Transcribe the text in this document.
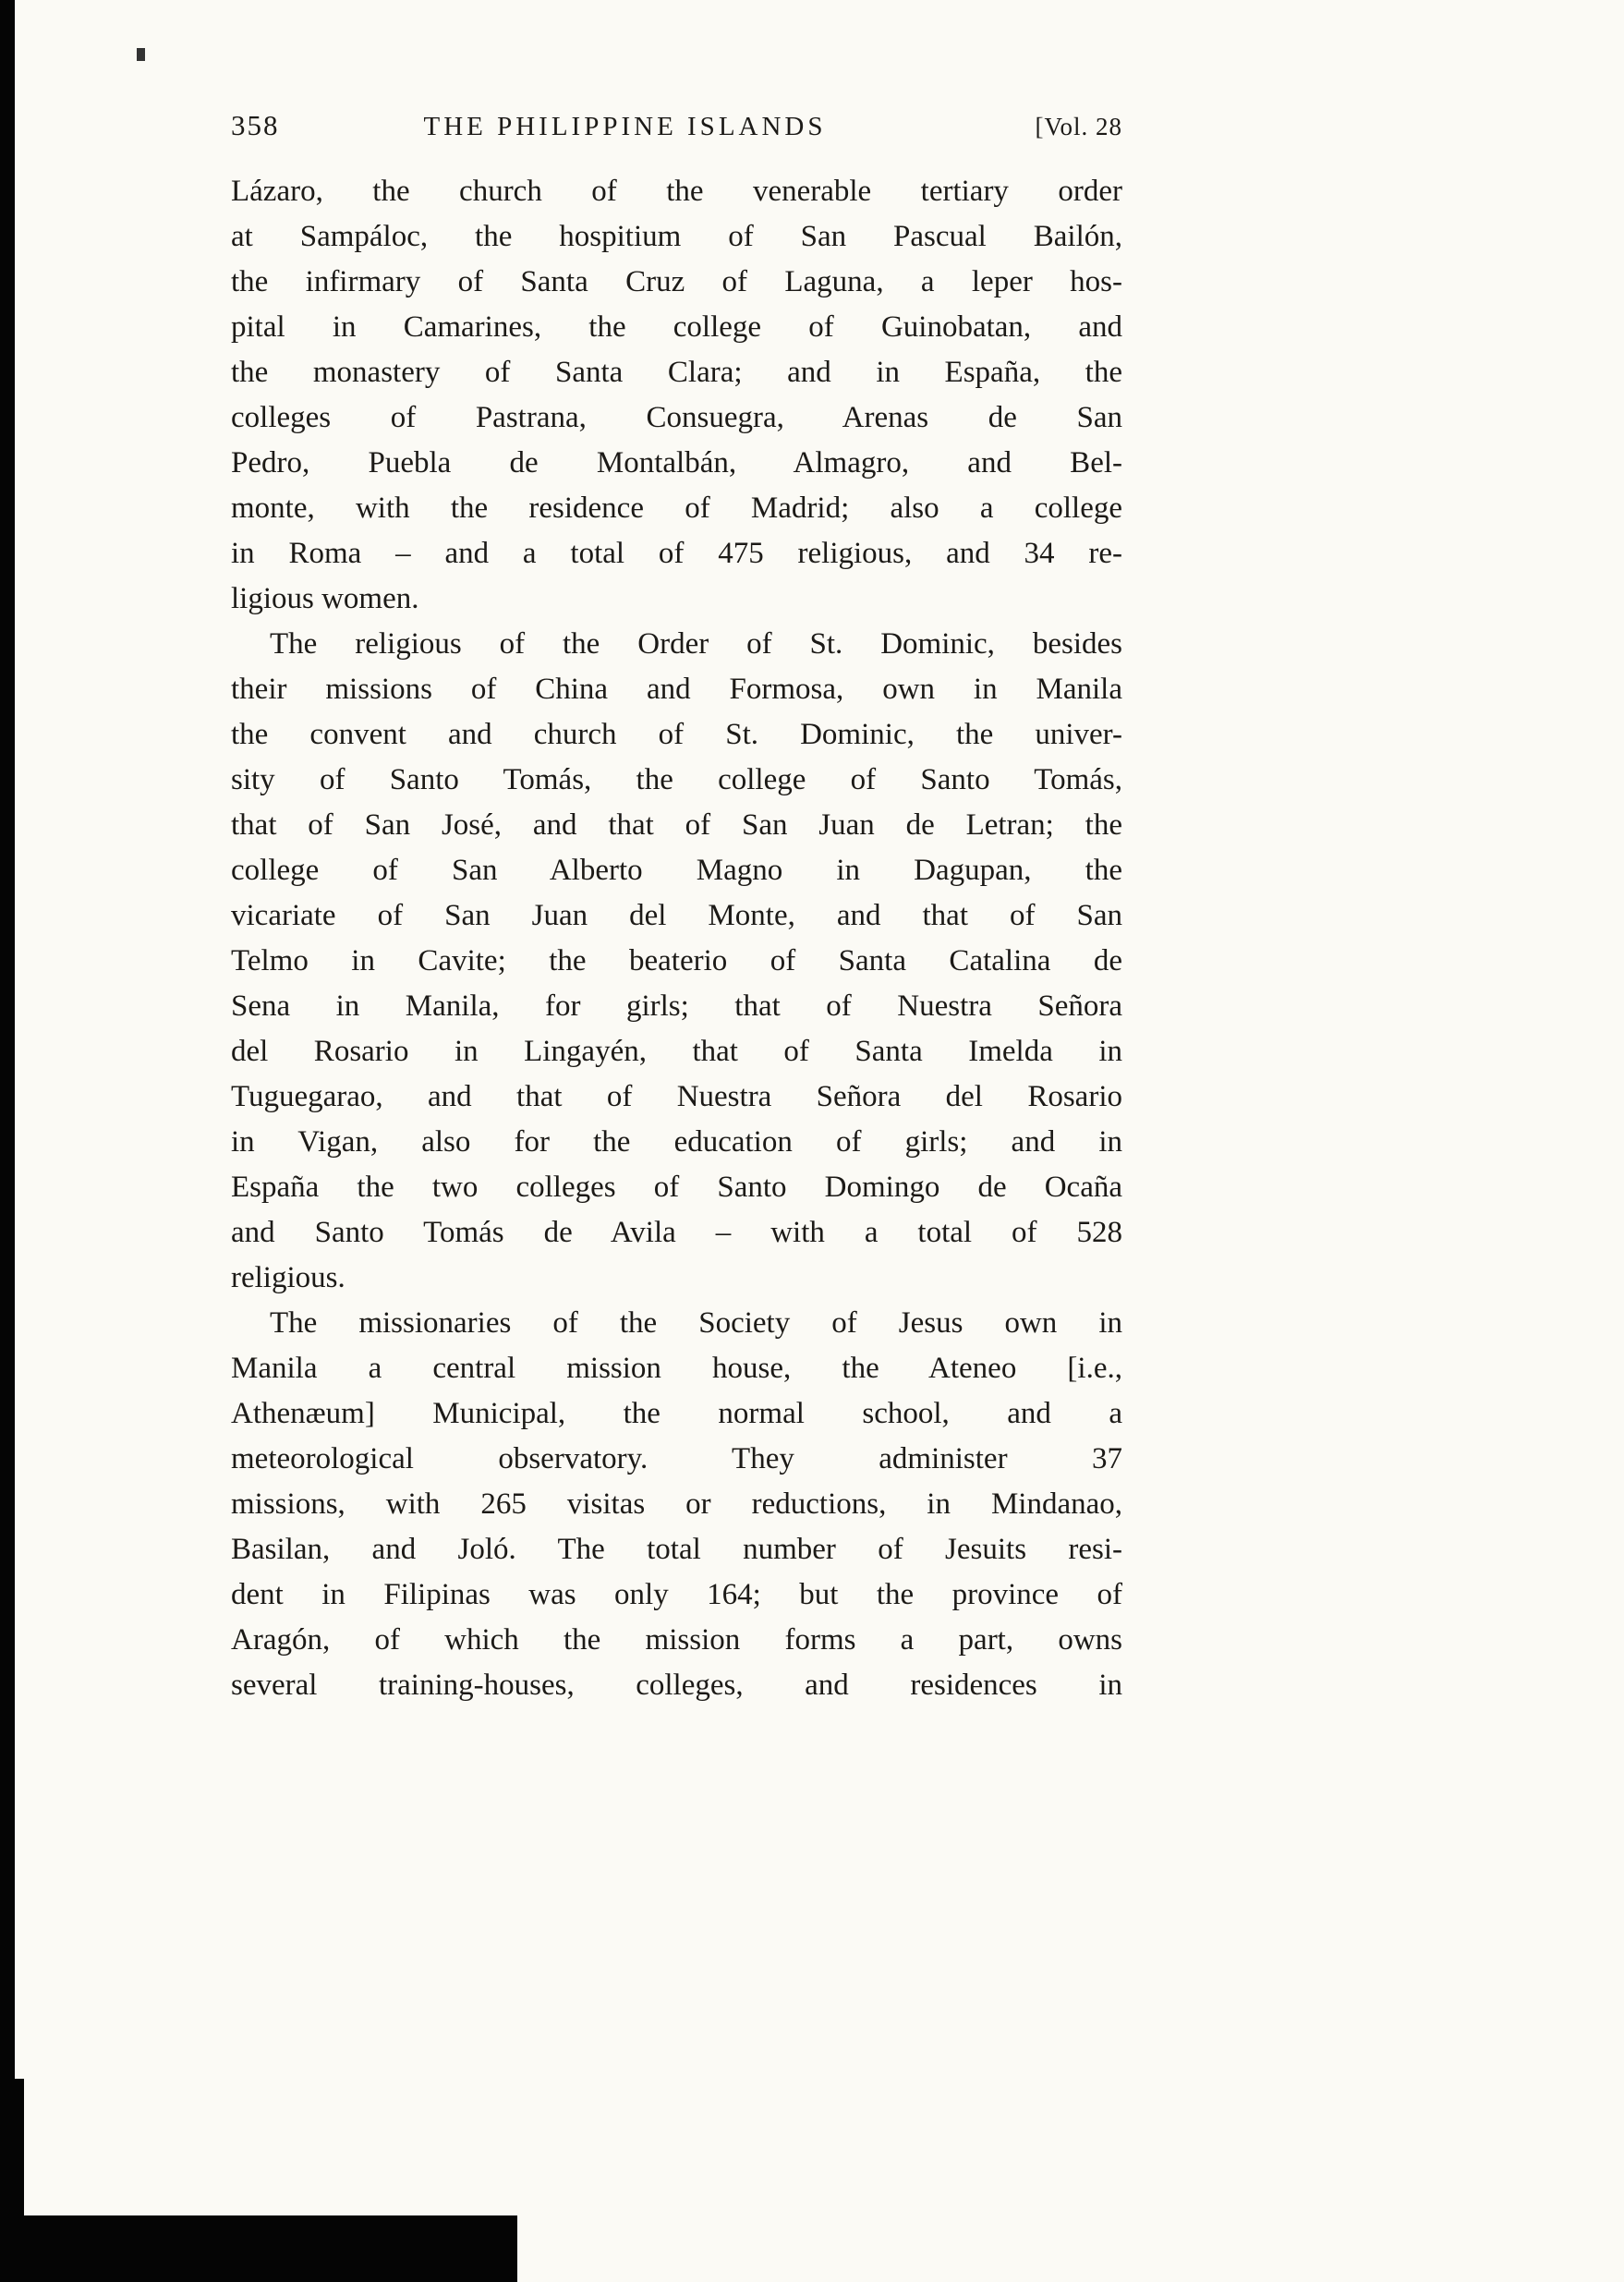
358	THE PHILIPPINE ISLANDS	[Vol. 28
Lázaro, the church of the venerable tertiary order
at Sampáloc, the hospitium of San Pascual Bailón,
the infirmary of Santa Cruz of Laguna, a leper hos-
pital in Camarines, the college of Guinobatan, and
the monastery of Santa Clara; and in España, the
colleges of Pastrana, Consuegra, Arenas de San
Pedro, Puebla de Montalbán, Almagro, and Bel-
monte, with the residence of Madrid; also a college
in Roma – and a total of 475 religious, and 34 re-
ligious women.
The religious of the Order of St. Dominic, besides
their missions of China and Formosa, own in Manila
the convent and church of St. Dominic, the univer-
sity of Santo Tomás, the college of Santo Tomás,
that of San José, and that of San Juan de Letran; the
college of San Alberto Magno in Dagupan, the
vicariate of San Juan del Monte, and that of San
Telmo in Cavite; the beaterio of Santa Catalina de
Sena in Manila, for girls; that of Nuestra Señora
del Rosario in Lingayén, that of Santa Imelda in
Tuguegarao, and that of Nuestra Señora del Rosario
in Vigan, also for the education of girls; and in
España the two colleges of Santo Domingo de Ocaña
and Santo Tomás de Avila – with a total of 528
religious.
The missionaries of the Society of Jesus own in
Manila a central mission house, the Ateneo [i.e.,
Athenæum] Municipal, the normal school, and a
meteorological observatory. They administer 37
missions, with 265 visitas or reductions, in Mindanao,
Basilan, and Joló. The total number of Jesuits resi-
dent in Filipinas was only 164; but the province of
Aragón, of which the mission forms a part, owns
several training-houses, colleges, and residences in
